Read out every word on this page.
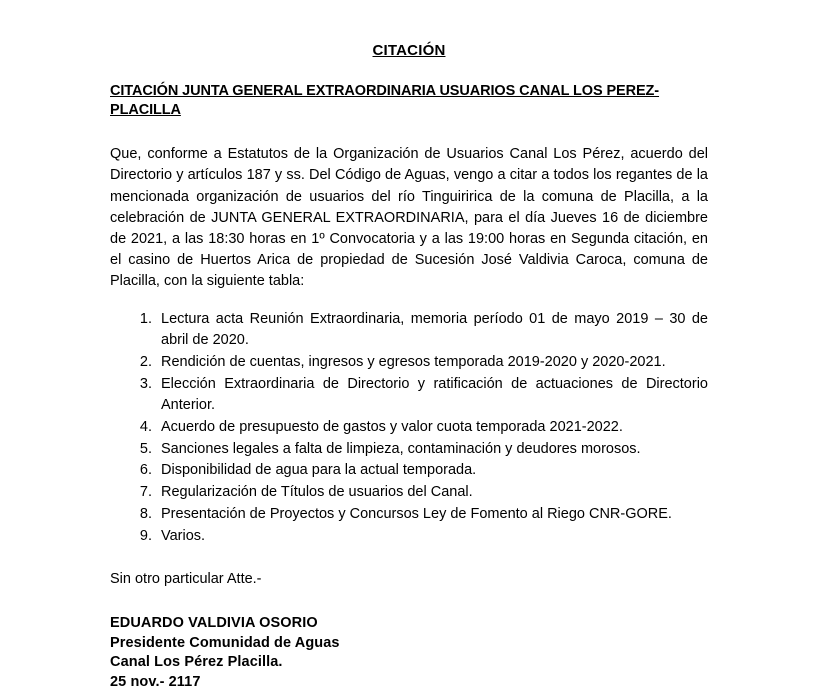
CITACIÓN
CITACIÓN JUNTA GENERAL EXTRAORDINARIA USUARIOS CANAL LOS PEREZ-PLACILLA

Que, conforme a Estatutos de la Organización de Usuarios Canal Los Pérez, acuerdo del Directorio y artículos 187 y ss. Del Código de Aguas, vengo a citar a todos los regantes de la mencionada organización de usuarios del río Tinguiririca de la comuna de Placilla, a la celebración de JUNTA GENERAL EXTRAORDINARIA, para el día Jueves 16 de diciembre de 2021, a las 18:30 horas en 1º Convocatoria y a las 19:00 horas en Segunda citación, en el casino de Huertos Arica de propiedad de Sucesión José Valdivia Caroca, comuna de Placilla, con la siguiente tabla:

1. Lectura acta Reunión Extraordinaria, memoria período 01 de mayo 2019 – 30 de abril de 2020.
2. Rendición de cuentas, ingresos y egresos temporada 2019-2020 y 2020-2021.
3. Elección Extraordinaria de Directorio y ratificación de actuaciones de Directorio Anterior.
4. Acuerdo de presupuesto de gastos y valor cuota temporada 2021-2022.
5. Sanciones legales a falta de limpieza, contaminación y deudores morosos.
6. Disponibilidad de agua para la actual temporada.
7. Regularización de Títulos de usuarios del Canal.
8. Presentación de Proyectos y Concursos Ley de Fomento al Riego CNR-GORE.
9. Varios.

Sin otro particular Atte.-

EDUARDO VALDIVIA OSORIO
Presidente Comunidad de Aguas
Canal Los Pérez Placilla.
25 nov.- 2117
